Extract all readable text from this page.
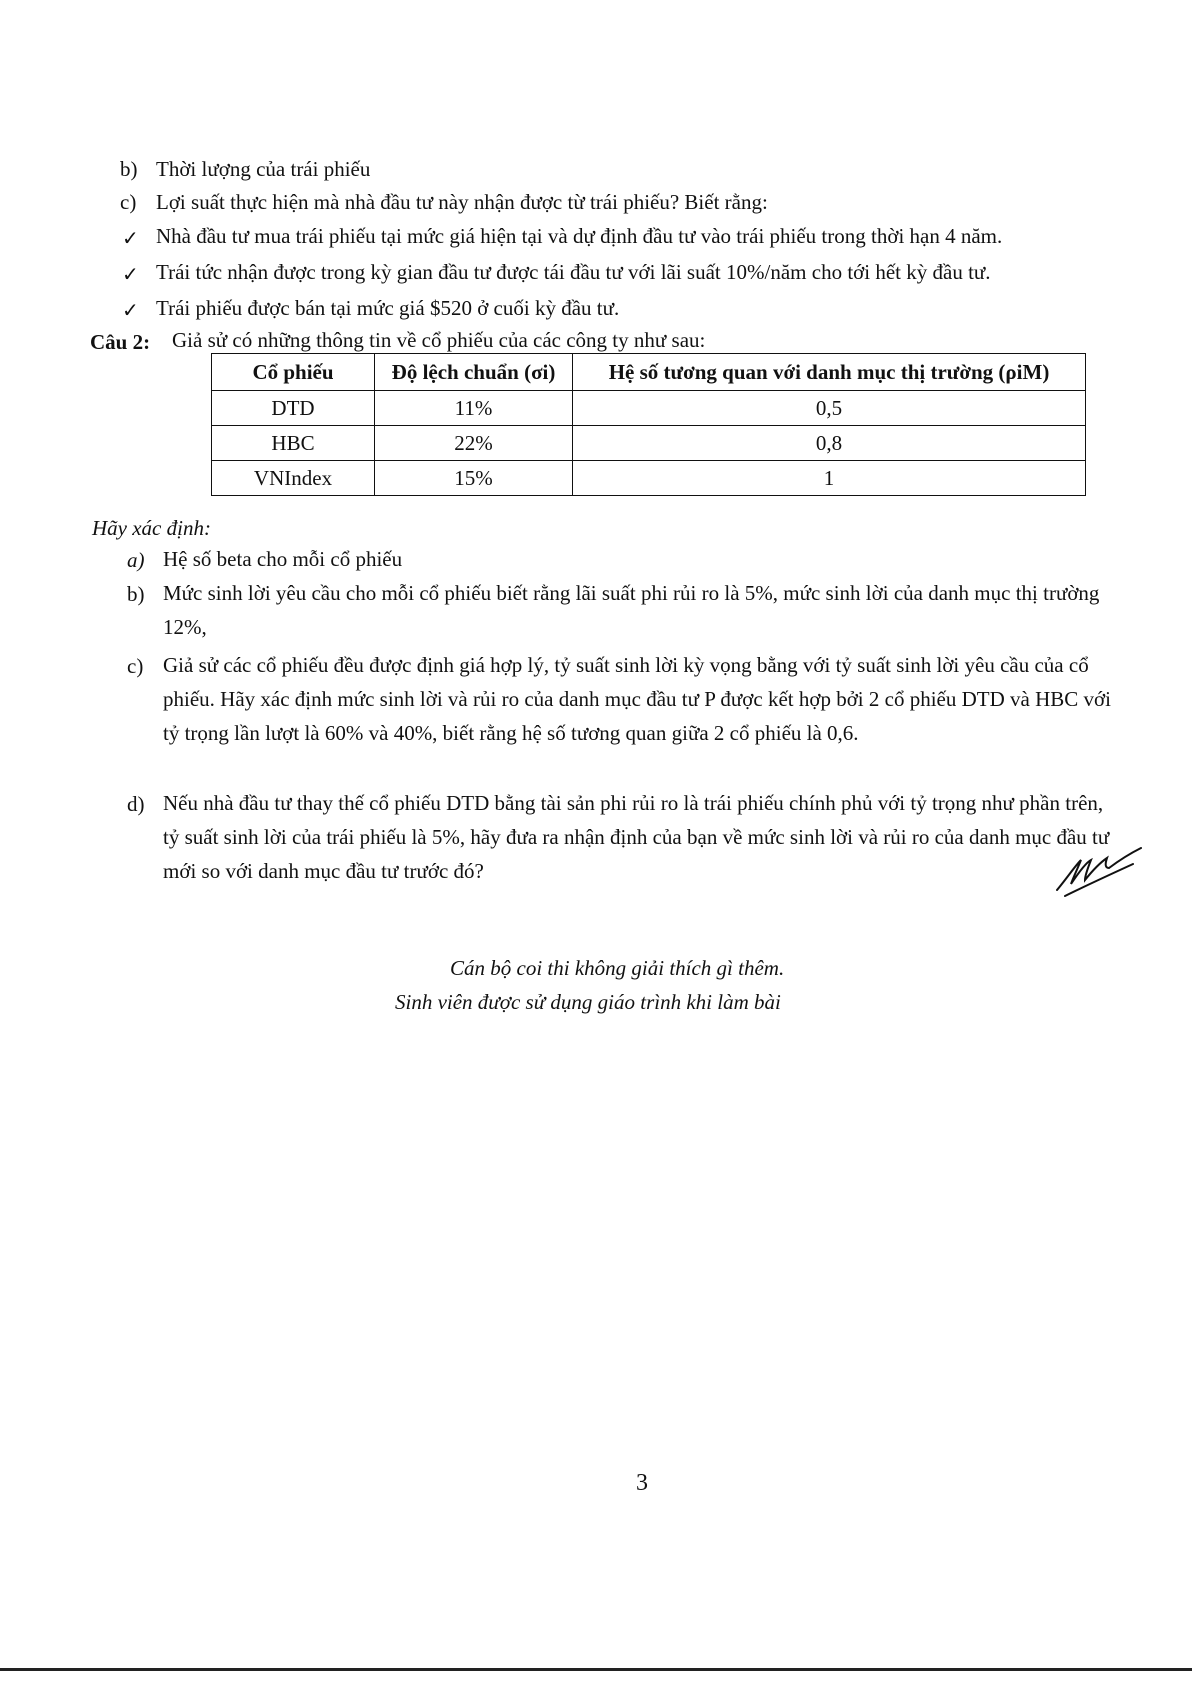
b) Thời lượng của trái phiếu
c) Lợi suất thực hiện mà nhà đầu tư này nhận được từ trái phiếu? Biết rằng:
✓ Nhà đầu tư mua trái phiếu tại mức giá hiện tại và dự định đầu tư vào trái phiếu trong thời hạn 4 năm.
✓ Trái tức nhận được trong kỳ gian đầu tư được tái đầu tư với lãi suất 10%/năm cho tới hết kỳ đầu tư.
✓ Trái phiếu được bán tại mức giá $520 ở cuối kỳ đầu tư.
Câu 2: Giả sử có những thông tin về cổ phiếu của các công ty như sau:
Cổ phiếu	Độ lệch chuẩn (σi)	Hệ số tương quan với danh mục thị trường (ρiM)
DTD	11%	0,5
HBC	22%	0,8
VNIndex	15%	1
Hãy xác định:
a) Hệ số beta cho mỗi cổ phiếu
b) Mức sinh lời yêu cầu cho mỗi cổ phiếu biết rằng lãi suất phi rủi ro là 5%, mức sinh lời của danh mục thị trường 12%,
c) Giả sử các cổ phiếu đều được định giá hợp lý, tỷ suất sinh lời kỳ vọng bằng với tỷ suất sinh lời yêu cầu của cổ phiếu. Hãy xác định mức sinh lời và rủi ro của danh mục đầu tư P được kết hợp bởi 2 cổ phiếu DTD và HBC với tỷ trọng lần lượt là 60% và 40%, biết rằng hệ số tương quan giữa 2 cổ phiếu là 0,6.
d) Nếu nhà đầu tư thay thế cổ phiếu DTD bằng tài sản phi rủi ro là trái phiếu chính phủ với tỷ trọng như phần trên, tỷ suất sinh lời của trái phiếu là 5%, hãy đưa ra nhận định của bạn về mức sinh lời và rủi ro của danh mục đầu tư mới so với danh mục đầu tư trước đó?
Cán bộ coi thi không giải thích gì thêm.
Sinh viên được sử dụng giáo trình khi làm bài
3
